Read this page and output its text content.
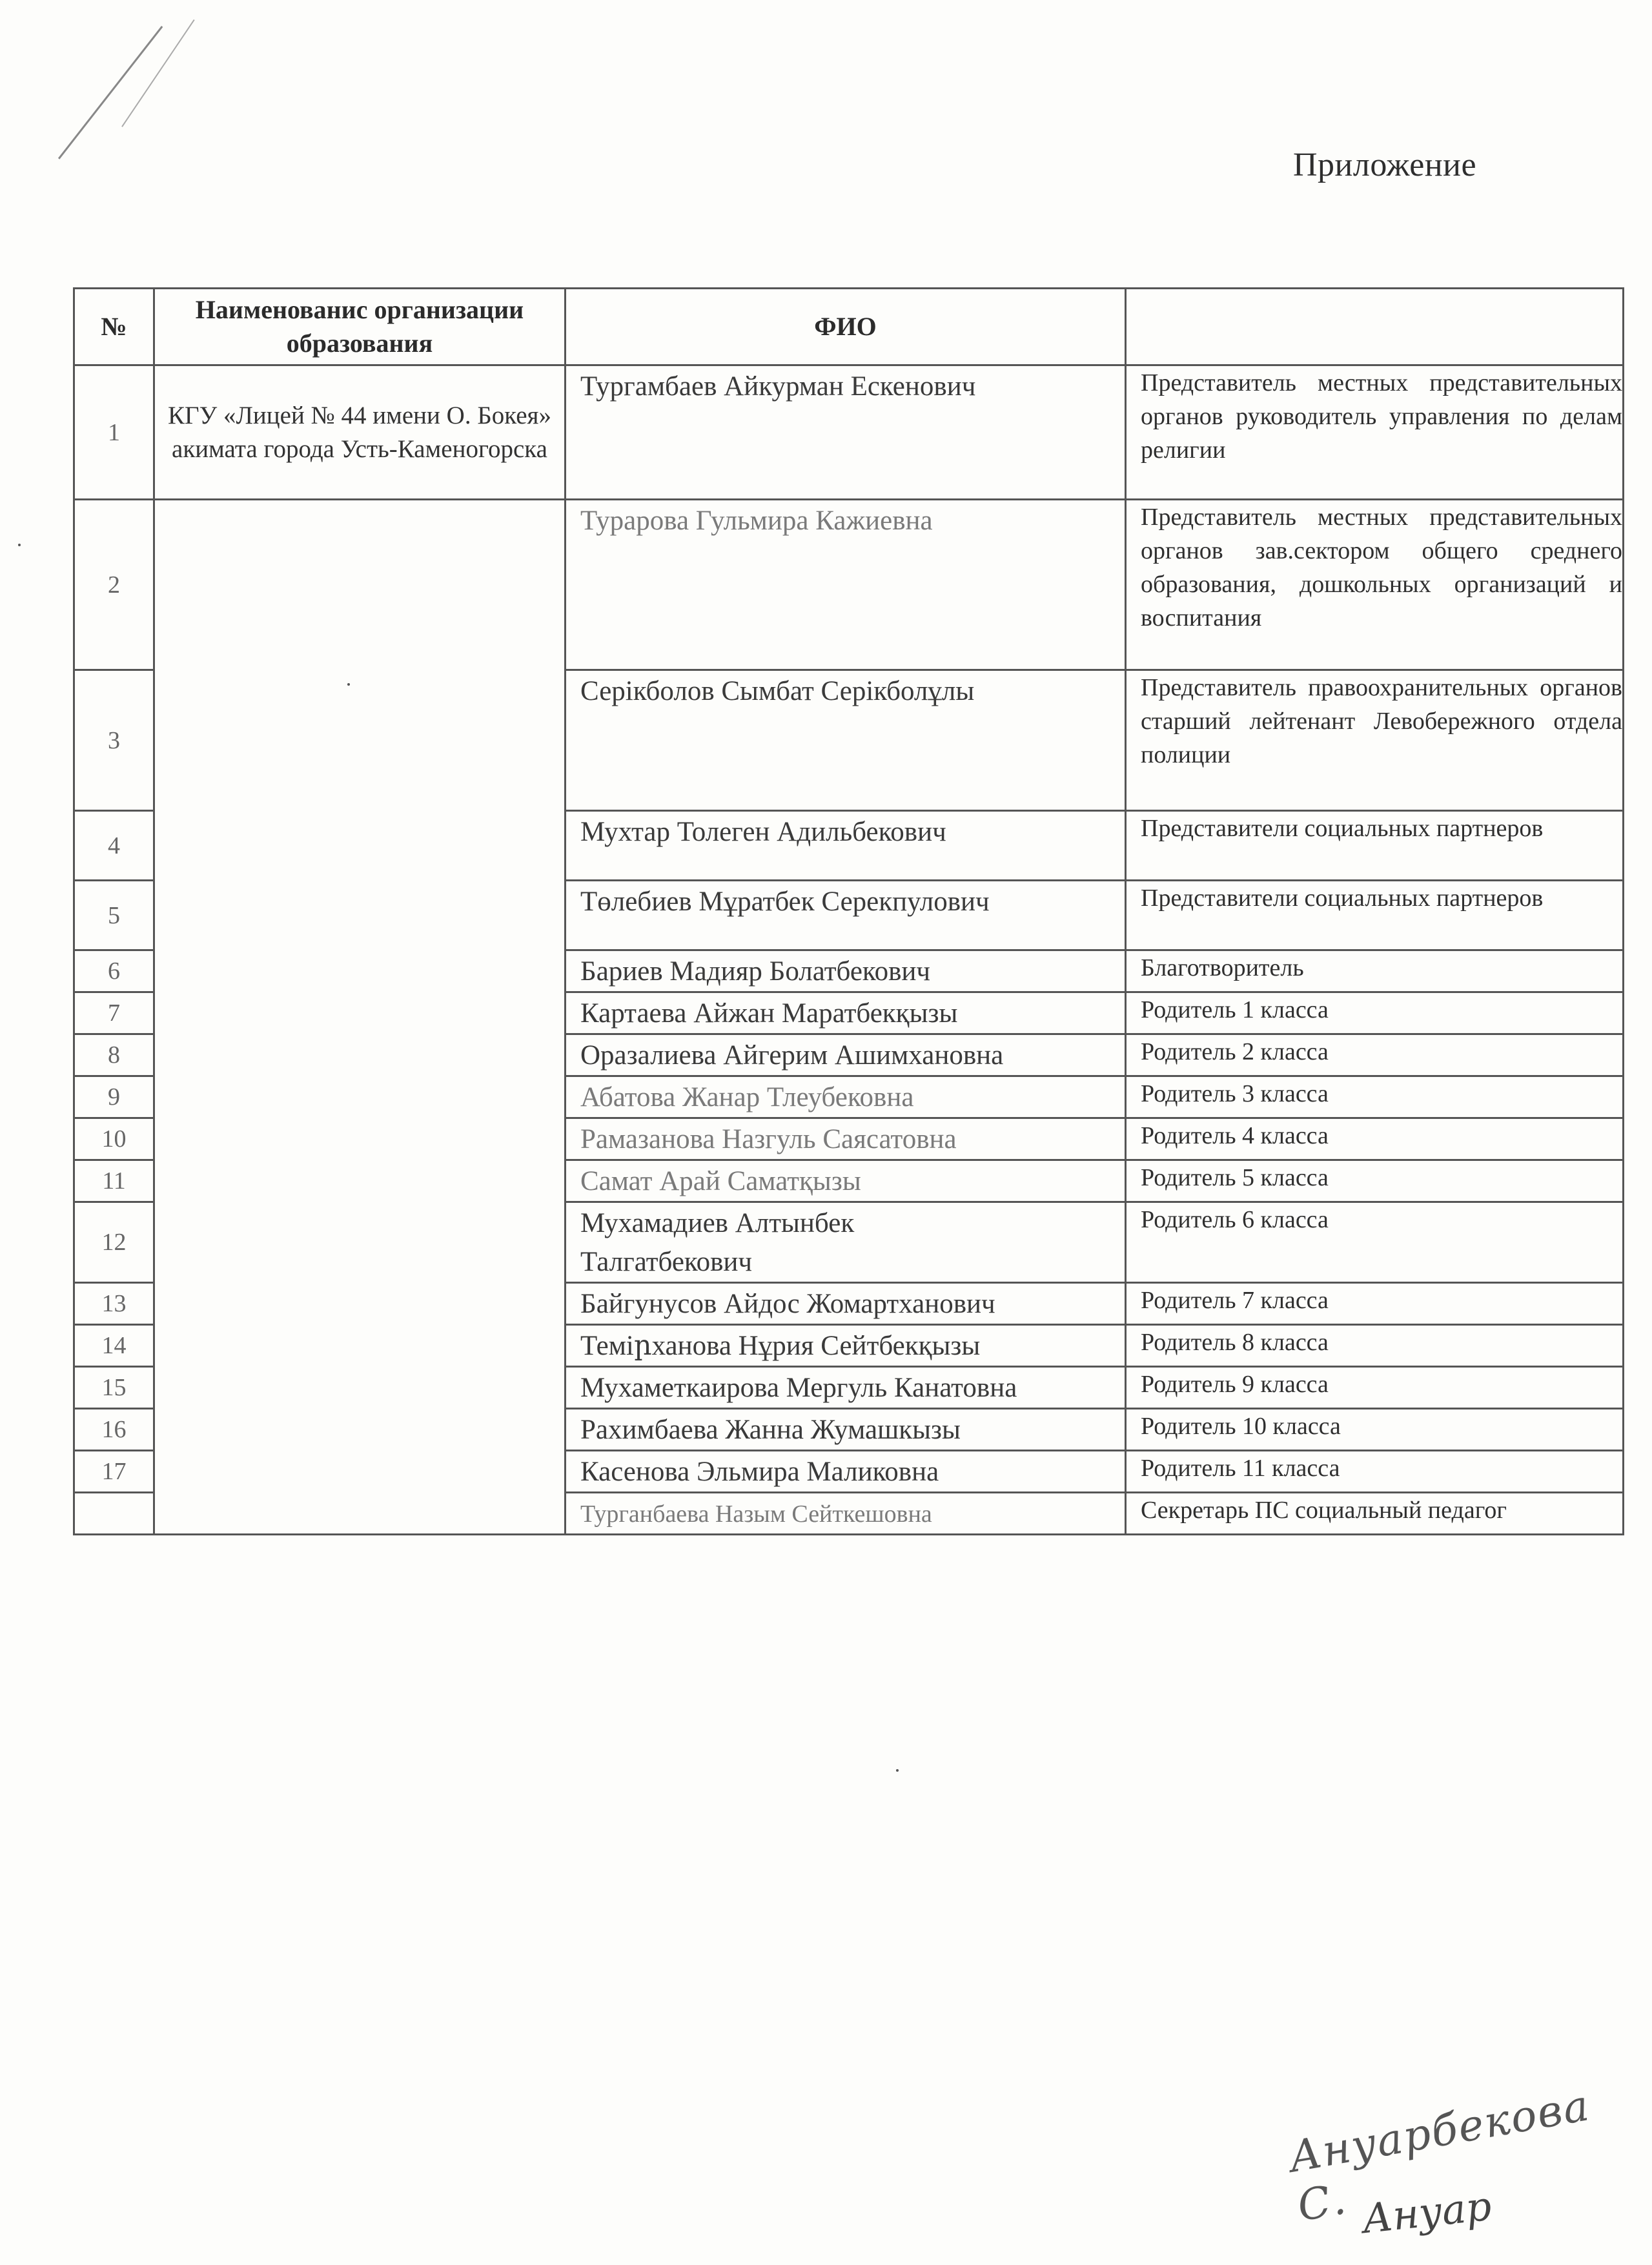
Приложение
№	Наименованис организации образования	ФИО	
1	КГУ «Лицей № 44 имени О. Бокея» акимата города Усть-Каменогорска	Тургамбаев Айкурман Ескенович	Представитель местных представительных органов руководитель управления по делам религии
2		Турарова Гульмира Кажиевна	Представитель местных представительных органов зав.сектором общего среднего образования, дошкольных организаций и воспитания
3		Серікболов Сымбат Серікболұлы	Представитель правоохранительных органов старший лейтенант Левобережного отдела полиции
4		Мухтар Толеген Адильбекович	Представители социальных партнеров
5		Төлебиев Мұратбек Серекпулович	Представители социальных партнеров
6		Бариев Мадияр Болатбекович	Благотворитель
7		Картаева Айжан Маратбекқызы	Родитель 1 класса
8		Оразалиева Айгерим Ашимхановна	Родитель 2 класса
9		Абатова Жанар Тлеубековна	Родитель 3 класса
10		Рамазанова Назгуль Саясатовна	Родитель 4 класса
11		Самат Арай Саматқызы	Родитель 5 класса
12		Мухамадиев Алтынбек Талгатбекович	Родитель 6 класса
13		Байгунусов Айдос Жомартханович	Родитель 7 класса
14		Теміրханова Нұрия Сейтбекқызы	Родитель 8 класса
15		Мухаметкаирова Мергуль Канатовна	Родитель 9 класса
16		Рахимбаева Жанна Жумашкызы	Родитель 10 класса
17		Касенова Эльмира Маликовна	Родитель 11 класса
		Турганбаева Назым Сейткешовна	Секретарь ПС социальный педагог
Ануарбекова С. Ануар
